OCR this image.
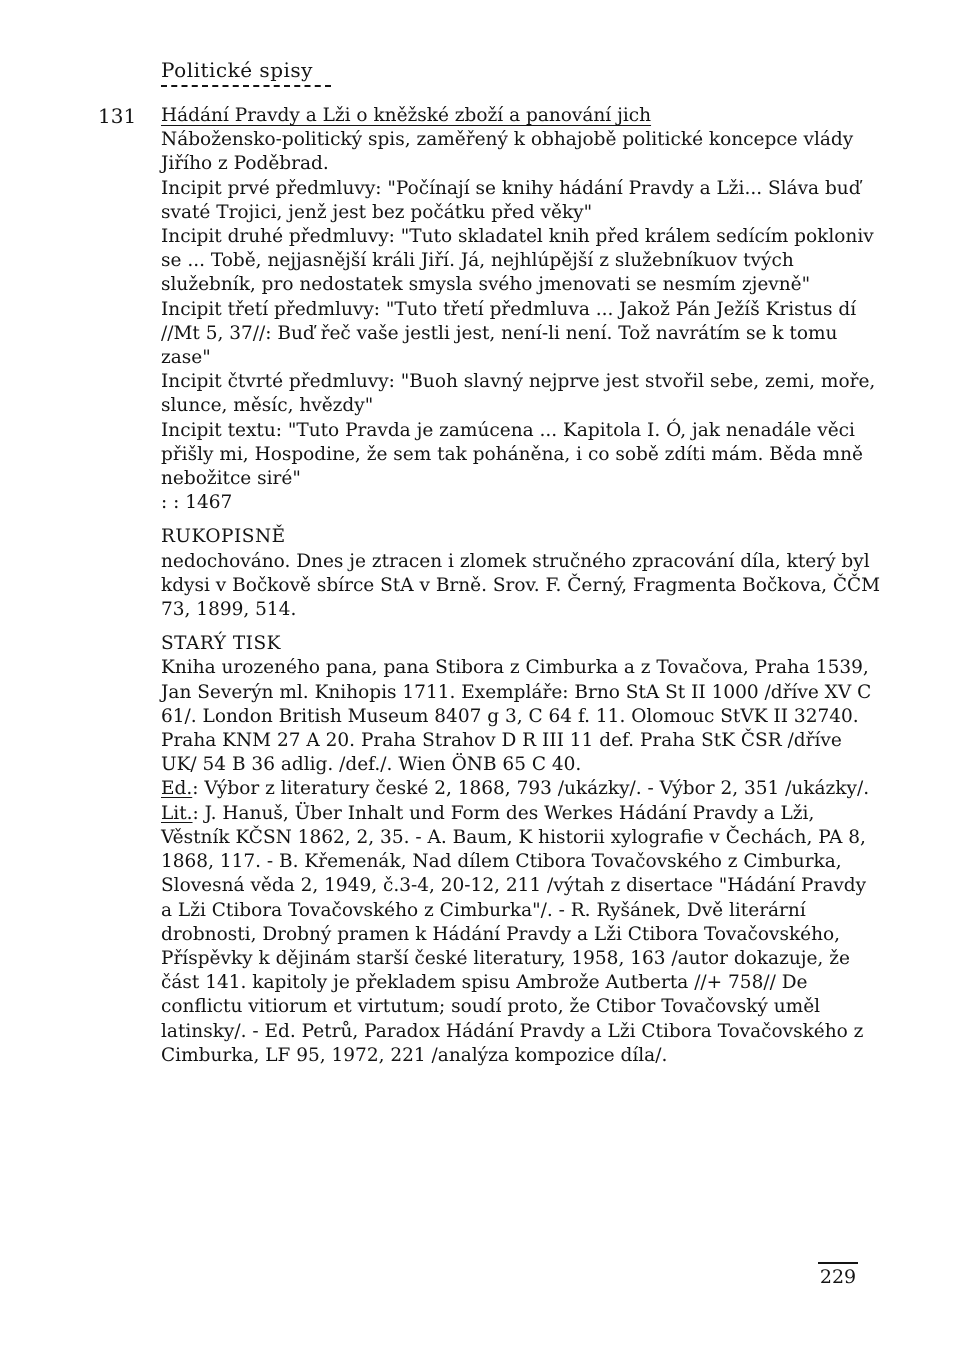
Politické spisy
131 Hádání Pravdy a Lži o kněžské zboží a panování jich

Nábožensko-politický spis, zaměřený k obhajobě politické koncepce vlády Jiřího z Poděbrad.

Incipit prvé předmluvy: "Počínají se knihy hádání Pravdy a Lži... Sláva buď svaté Trojici, jenž jest bez počátku před věky"

Incipit druhé předmluvy: "Tuto skladatel knih před králem sedícím pokloniv se ... Tobě, nejjasnější králi Jiří. Já, nejhlúpější z služebníkuov tvých služebník, pro nedostatek smysla svého jmenovati se nesmím zjevně"

Incipit třetí předmluvy: "Tuto třetí předmluva ... Jakož Pán Ježíš Kristus dí //Mt 5, 37//: Buď řeč vaše jestli jest, není-li není. Tož navrátím se k tomu zase"

Incipit čtvrté předmluvy: "Buoh slavný nejprve jest stvořil sebe, zemi, moře, slunce, měsíc, hvězdy"

Incipit textu: "Tuto Pravda je zamúcena ... Kapitola I. Ó, jak nenadále věci přišly mi, Hospodine, že sem tak poháněna, i co sobě zdíti mám. Běda mně nebožitce siré"

: : 1467

RUKOPISNĚ

nedochováno. Dnes je ztracen i zlomek stručného zpracování díla, který byl kdysi v Bočkově sbírce StA v Brně. Srov. F. Černý, Fragmenta Bočkova, ČČM 73, 1899, 514.

STARÝ TISK

Kniha urozeného pana, pana Stibora z Cimburka a z Tovačova, Praha 1539, Jan Severýn ml. Knihopis 1711. Exempláře: Brno StA St II 1000 /dříve XV C 61/. London British Museum 8407 g 3, C 64 f. 11. Olomouc StVK II 32740. Praha KNM 27 A 20. Praha Strahov D R III 11 def. Praha StK ČSR /dříve UK/ 54 B 36 adlig. /def./. Wien ÖNB 65 C 40.

Ed.: Výbor z literatury české 2, 1868, 793 /ukázky/. - Výbor 2, 351 /ukázky/.

Lit.: J. Hanuš, Über Inhalt und Form des Werkes Hádání Pravdy a Lži, Věstník KČSN 1862, 2, 35. - A. Baum, K historii xylografie v Čechách, PA 8, 1868, 117. - B. Křemenák, Nad dílem Ctibora Tovačovského z Cimburka, Slovesná věda 2, 1949, č.3-4, 20-12, 211 /výtah z disertace "Hádání Pravdy a Lži Ctibora Tovačovského z Cimburka"/. - R. Ryšánek, Dvě literární drobnosti, Drobný pramen k Hádání Pravdy a Lži Ctibora Tovačovského, Příspěvky k dějinám starší české literatury, 1958, 163 /autor dokazuje, že část 141. kapitoly je překladem spisu Ambrože Autberta //+ 758// De conflictu vitiorum et virtutum; soudí proto, že Ctibor Tovačovský uměl latinsky/. - Ed. Petrů, Paradox Hádání Pravdy a Lži Ctibora Tovačovského z Cimburka, LF 95, 1972, 221 /analýza kompozice díla/.

229
